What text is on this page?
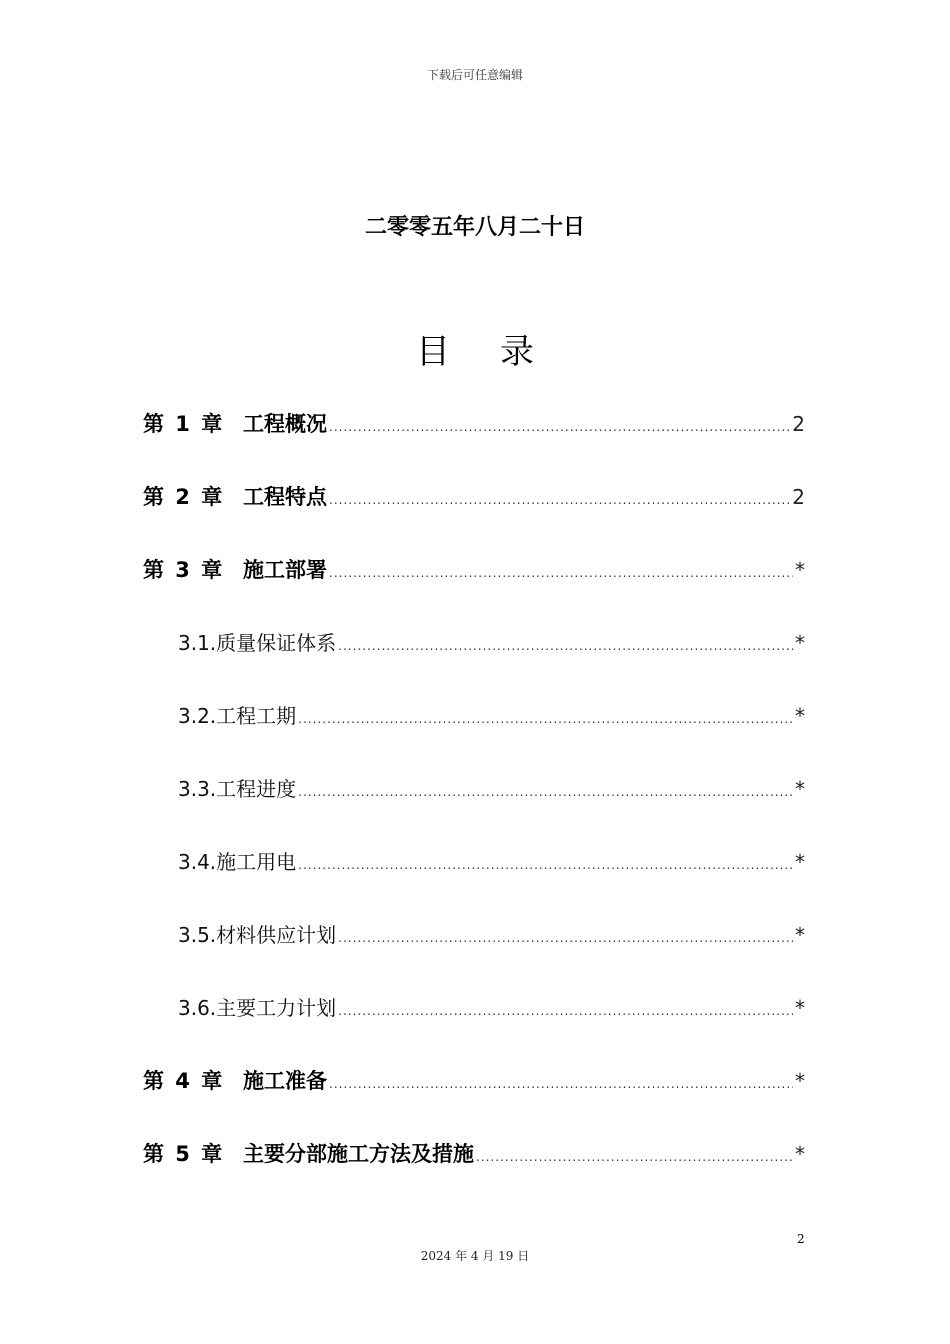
下载后可任意编辑
二零零五年八月二十日
目 录
第 1 章 工程概况 .....	2
第 2 章 工程特点 .....	2
第 3 章 施工部署 .....	*
3.1.质量保证体系 .....	*
3.2.工程工期 .....	*
3.3.工程进度 .....	*
3.4.施工用电 .....	*
3.5.材料供应计划 .....	*
3.6.主要工力计划 .....	*
第 4 章 施工准备 .....	*
第 5 章 主要分部施工方法及措施 .....	*
2
2024 年 4 月 19 日
